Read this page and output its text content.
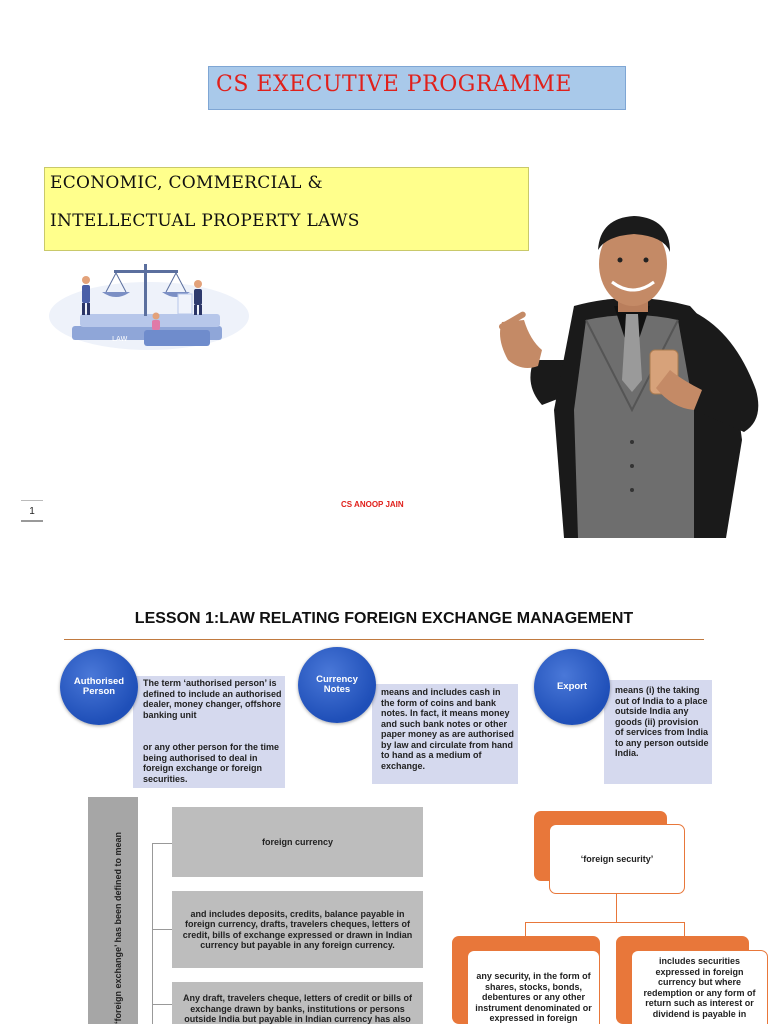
CS EXECUTIVE PROGRAMME
ECONOMIC, COMMERCIAL &
INTELLECTUAL PROPERTY LAWS
LAW
1
CS ANOOP JAIN
LESSON 1:LAW RELATING FOREIGN EXCHANGE MANAGEMENT
The term ‘authorised person’ is defined to include an authorised dealer, money changer, offshore banking unit
or any other person for the time being authorised to deal in foreign exchange or foreign securities.
Authorised Person	means and includes cash in the form of coins and bank notes. In fact, it means money and such bank notes or other paper money as are authorised by law and circulate from hand to hand as a medium of exchange.
Currency Notes	means (i) the taking out of India to a place outside India any goods (ii) provision of services from India to any person outside India.
Export
‘foreign exchange’ has been defined to mean	foreign currency
and includes deposits, credits, balance payable in foreign currency, drafts, travelers cheques, letters of credit, bills of exchange expressed or drawn in Indian currency but payable in any foreign currency.
Any draft, travelers cheque, letters of credit or bills of exchange drawn by banks, institutions or persons outside India but payable in Indian currency has also
‘foreign security’
any security, in the form of shares, stocks, bonds, debentures or any other instrument denominated or expressed in foreign
includes securities expressed in foreign currency but where redemption or any form of return such as interest or dividend is payable in
